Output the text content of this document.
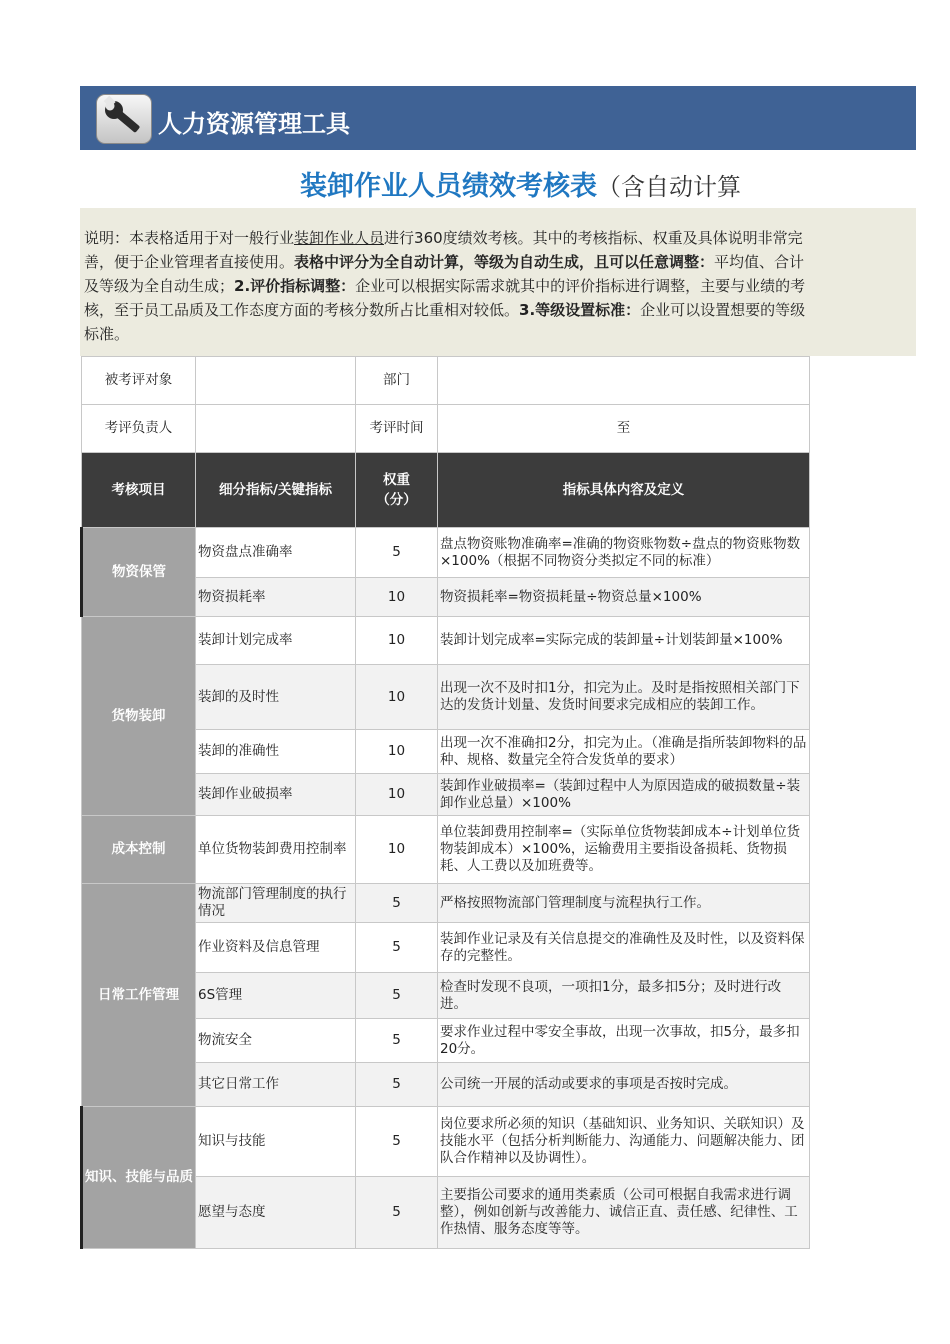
人力资源管理工具
装卸作业人员绩效考核表（含自动计算
说明：本表格适用于对一般行业装卸作业人员进行360度绩效考核。其中的考核指标、权重及具体说明非常完善，便于企业管理者直接使用。表格中评分为全自动计算，等级为自动生成，且可以任意调整：平均值、合计及等级为全自动生成；2.评价指标调整：企业可以根据实际需求就其中的评价指标进行调整，主要与业绩的考核，至于员工品质及工作态度方面的考核分数所占比重相对较低。3.等级设置标准：企业可以设置想要的等级标准。
被考评对象		部门	
考评负责人		考评时间	至
考核项目	细分指标/关键指标	权重（分）	指标具体内容及定义
物资保管	物资盘点准确率	5	盘点物资账物准确率=准确的物资账物数÷盘点的物资账物数×100%（根据不同物资分类拟定不同的标准）
	物资损耗率	10	物资损耗率=物资损耗量÷物资总量×100%
货物装卸	装卸计划完成率	10	装卸计划完成率=实际完成的装卸量÷计划装卸量×100%
	装卸的及时性	10	出现一次不及时扣1分，扣完为止。及时是指按照相关部门下达的发货计划量、发货时间要求完成相应的装卸工作。
	装卸的准确性	10	出现一次不准确扣2分，扣完为止。（准确是指所装卸物料的品种、规格、数量完全符合发货单的要求）
	装卸作业破损率	10	装卸作业破损率=（装卸过程中人为原因造成的破损数量÷装卸作业总量）×100%
成本控制	单位货物装卸费用控制率	10	单位装卸费用控制率=（实际单位货物装卸成本÷计划单位货物装卸成本）×100%，运输费用主要指设备损耗、货物损耗、人工费以及加班费等。
日常工作管理	物流部门管理制度的执行情况	5	严格按照物流部门管理制度与流程执行工作。
	作业资料及信息管理	5	装卸作业记录及有关信息提交的准确性及及时性，以及资料保存的完整性。
	6S管理	5	检查时发现不良项，一项扣1分，最多扣5分；及时进行改进。
	物流安全	5	要求作业过程中零安全事故，出现一次事故，扣5分，最多扣20分。
	其它日常工作	5	公司统一开展的活动或要求的事项是否按时完成。
知识、技能与品质	知识与技能	5	岗位要求所必须的知识（基础知识、业务知识、关联知识）及技能水平（包括分析判断能力、沟通能力、问题解决能力、团队合作精神以及协调性）。
	愿望与态度	5	主要指公司要求的通用类素质（公司可根据自我需求进行调整），例如创新与改善能力、诚信正直、责任感、纪律性、工作热情、服务态度等等。
